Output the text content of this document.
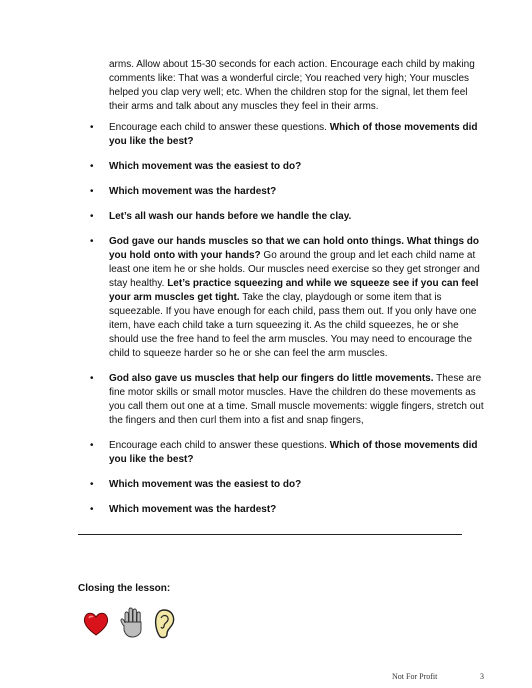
arms. Allow about 15-30 seconds for each action. Encourage each child by making comments like: That was a wonderful circle; You reached very high; Your muscles helped you clap very well; etc. When the children stop for the signal, let them feel their arms and talk about any muscles they feel in their arms.

• Encourage each child to answer these questions. Which of those movements did you like the best?
• Which movement was the easiest to do?
• Which movement was the hardest?
• Let’s all wash our hands before we handle the clay.
• God gave our hands muscles so that we can hold onto things. What things do you hold onto with your hands? Go around the group and let each child name at least one item he or she holds. Our muscles need exercise so they get stronger and stay healthy. Let’s practice squeezing and while we squeeze see if you can feel your arm muscles get tight. Take the clay, playdough or some item that is squeezable. If you have enough for each child, pass them out. If you only have one item, have each child take a turn squeezing it. As the child squeezes, he or she should use the free hand to feel the arm muscles. You may need to encourage the child to squeeze harder so he or she can feel the arm muscles.
• God also gave us muscles that help our fingers do little movements. These are fine motor skills or small motor muscles. Have the children do these movements as you call them out one at a time. Small muscle movements: wiggle fingers, stretch out the fingers and then curl them into a fist and snap fingers,
• Encourage each child to answer these questions. Which of those movements did you like the best?
• Which movement was the easiest to do?
• Which movement was the hardest?
Closing the lesson:
Not For Profit	3
